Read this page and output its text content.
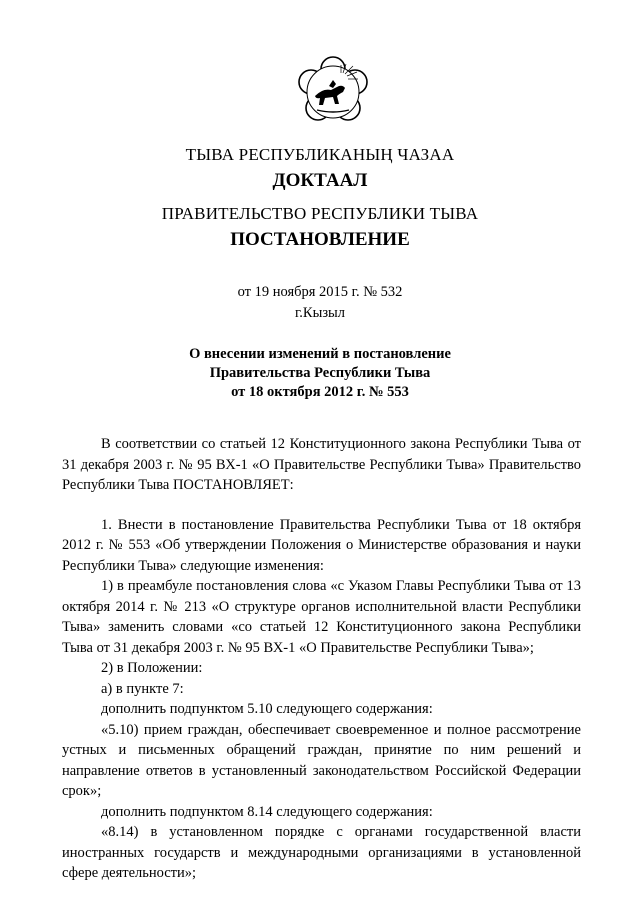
ТЫВА РЕСПУБЛИКАНЫҢ ЧАЗАА
ДОКТААЛ
ПРАВИТЕЛЬСТВО РЕСПУБЛИКИ ТЫВА
ПОСТАНОВЛЕНИЕ
от 19 ноября 2015 г. № 532
г.Кызыл
О внесении изменений в постановление
Правительства Республики Тыва
от 18 октября 2012 г. № 553

В соответствии со статьей 12 Конституционного закона Республики Тыва от 31 декабря 2003 г. № 95 ВХ-1 «О Правительстве Республики Тыва» Правительство Республики Тыва ПОСТАНОВЛЯЕТ:

1. Внести в постановление Правительства Республики Тыва от 18 октября 2012 г. № 553 «Об утверждении Положения о Министерстве образования и науки Республики Тыва» следующие изменения:

1) в преамбуле постановления слова «с Указом Главы Республики Тыва от 13 октября 2014 г. № 213 «О структуре органов исполнительной власти Республики Тыва» заменить словами «со статьей 12 Конституционного закона Республики Тыва от 31 декабря 2003 г. № 95 ВХ-1 «О Правительстве Республики Тыва»;

2) в Положении:

а) в пункте 7:

дополнить подпунктом 5.10 следующего содержания:

«5.10) прием граждан, обеспечивает своевременное и полное рассмотрение устных и письменных обращений граждан, принятие по ним решений и направление ответов в установленный законодательством Российской Федерации срок»;

дополнить подпунктом 8.14 следующего содержания:

«8.14) в установленном порядке с органами государственной власти иностранных государств и международными организациями в установленной сфере деятельности»;
